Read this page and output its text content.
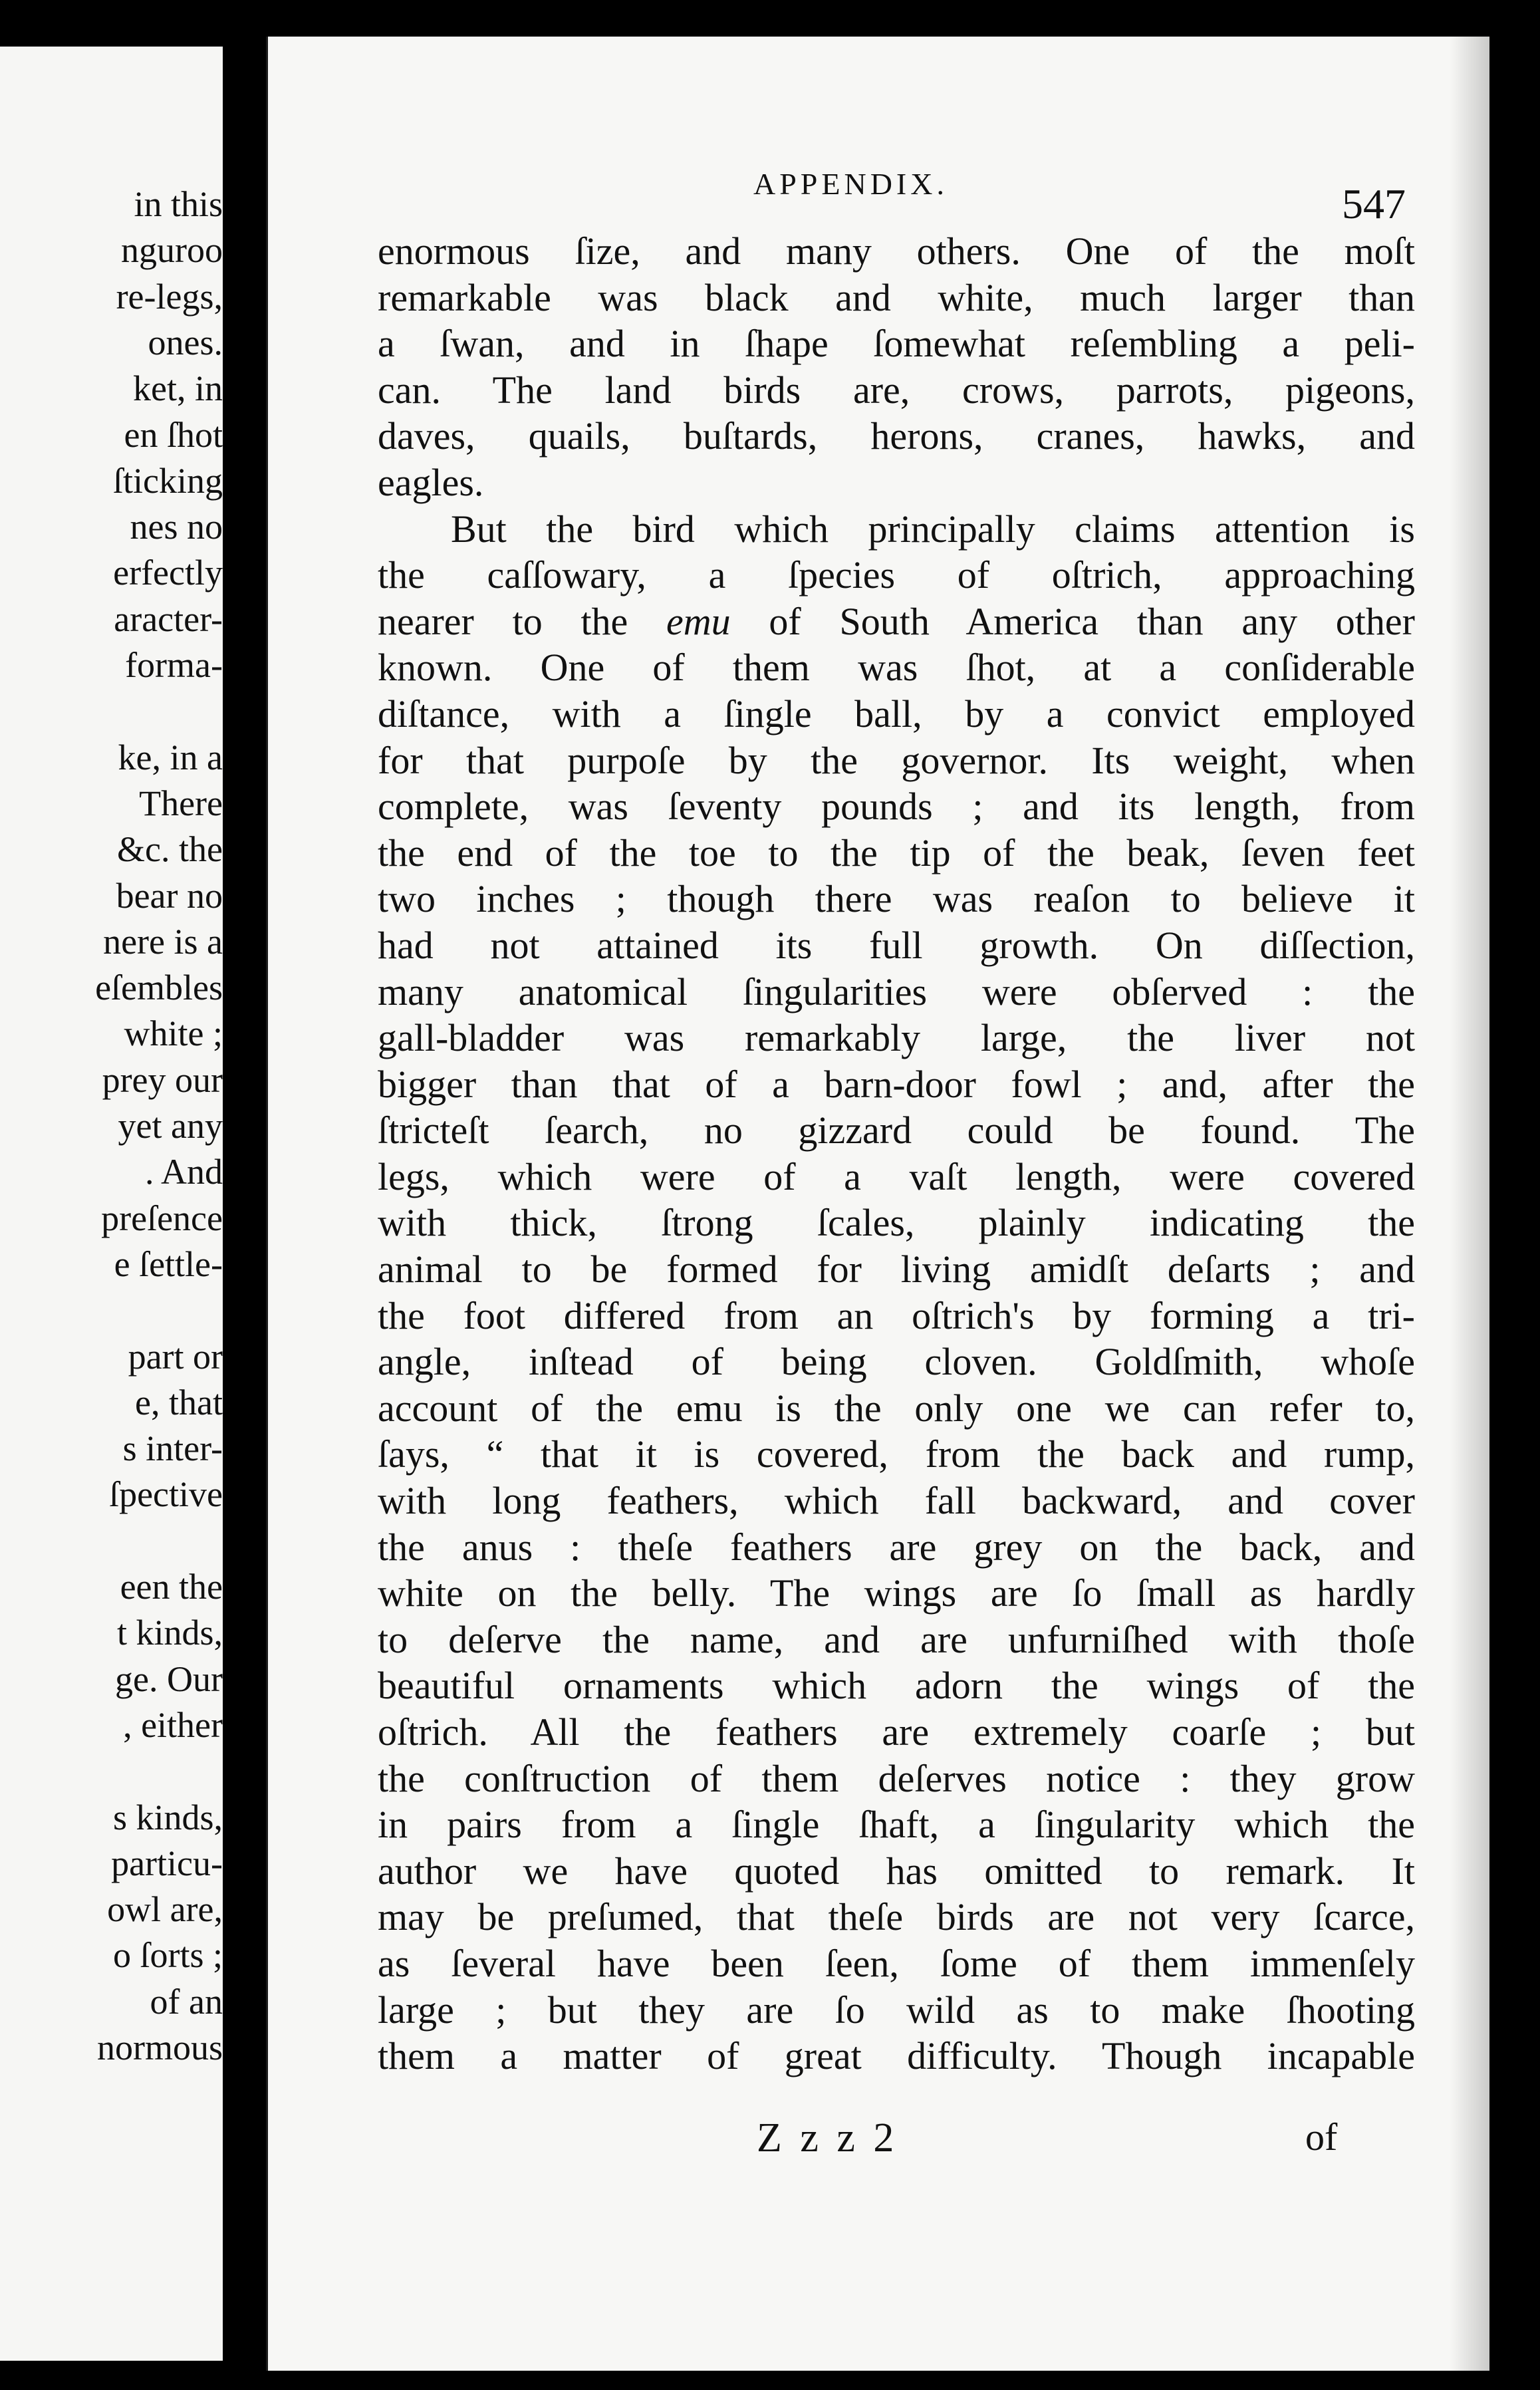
in this
nguroo
re-legs,
ones.
ket, in
en ſhot
ſticking
nes no
erfectly
aracter-
forma-
ke, in a
There
&c. the
bear no
nere is a
eſembles
white ;
prey our
yet any
. And
preſence
e ſettle-
part or
e, that
s inter-
ſpective
een the
t kinds,
ge. Our
, either
s kinds,
particu-
owl are,
o ſorts ;
of an
normous
APPENDIX.	547
enormous ſize, and many others. One of the moſt
remarkable was black and white, much larger than
a ſwan, and in ſhape ſomewhat reſembling a peli-
can. The land birds are, crows, parrots, pigeons,
daves, quails, buſtards, herons, cranes, hawks, and
eagles.
But the bird which principally claims attention is
the caſſowary, a ſpecies of oſtrich, approaching
nearer to the emu of South America than any other
known. One of them was ſhot, at a conſiderable
diſtance, with a ſingle ball, by a convict employed
for that purpoſe by the governor. Its weight, when
complete, was ſeventy pounds ; and its length, from
the end of the toe to the tip of the beak, ſeven feet
two inches ; though there was reaſon to believe it
had not attained its full growth. On diſſection,
many anatomical ſingularities were obſerved : the
gall-bladder was remarkably large, the liver not
bigger than that of a barn-door fowl ; and, after the
ſtricteſt ſearch, no gizzard could be found. The
legs, which were of a vaſt length, were covered
with thick, ſtrong ſcales, plainly indicating the
animal to be formed for living amidſt deſarts ; and
the foot differed from an oſtrich's by forming a tri-
angle, inſtead of being cloven. Goldſmith, whoſe
account of the emu is the only one we can refer to,
ſays, “ that it is covered, from the back and rump,
with long feathers, which fall backward, and cover
the anus : theſe feathers are grey on the back, and
white on the belly. The wings are ſo ſmall as hardly
to deſerve the name, and are unfurniſhed with thoſe
beautiful ornaments which adorn the wings of the
oſtrich. All the feathers are extremely coarſe ; but
the conſtruction of them deſerves notice : they grow
in pairs from a ſingle ſhaft, a ſingularity which the
author we have quoted has omitted to remark. It
may be preſumed, that theſe birds are not very ſcarce,
as ſeveral have been ſeen, ſome of them immenſely
large ; but they are ſo wild as to make ſhooting
them a matter of great difficulty. Though incapable
Z z z 2	of
